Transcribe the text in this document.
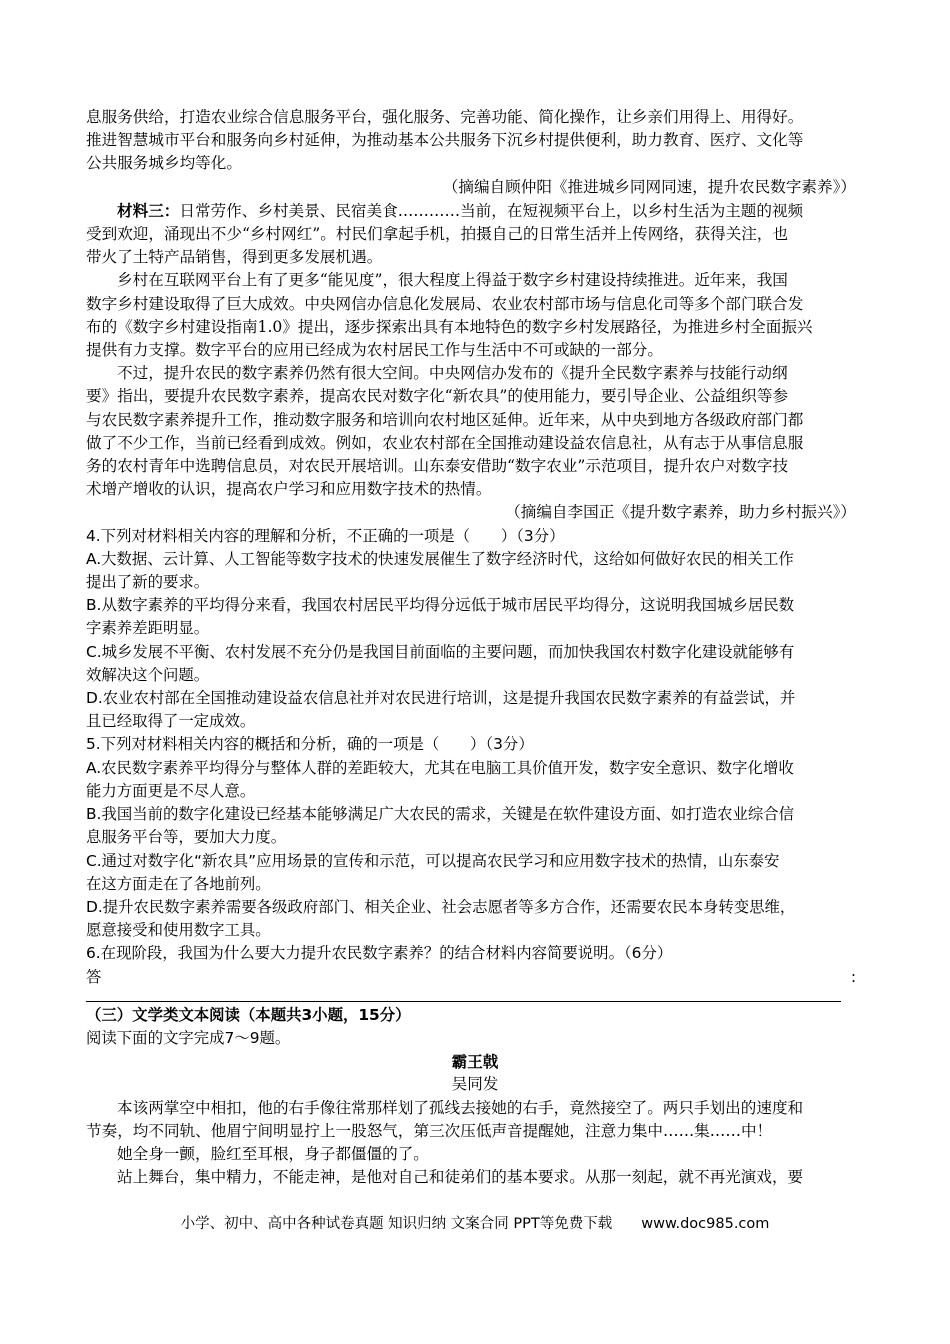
息服务供给，打造农业综合信息服务平台，强化服务、完善功能、简化操作，让乡亲们用得上、用得好。
推进智慧城市平台和服务向乡村延伸，为推动基本公共服务下沉乡村提供便利，助力教育、医疗、文化等
公共服务城乡均等化。
（摘编自顾仲阳《推进城乡同网同速，提升农民数字素养》）
材料三：日常劳作、乡村美景、民宿美食…………当前，在短视频平台上，以乡村生活为主题的视频
受到欢迎，涌现出不少“乡村网红”。村民们拿起手机，拍摄自己的日常生活并上传网络，获得关注，也
带火了土特产品销售，得到更多发展机遇。
乡村在互联网平台上有了更多“能见度”，很大程度上得益于数字乡村建设持续推进。近年来，我国
数字乡村建设取得了巨大成效。中央网信办信息化发展局、农业农村部市场与信息化司等多个部门联合发
布的《数字乡村建设指南1.0》提出，逐步探索出具有本地特色的数字乡村发展路径，为推进乡村全面振兴
提供有力支撑。数字平台的应用已经成为农村居民工作与生活中不可或缺的一部分。
不过，提升农民的数字素养仍然有很大空间。中央网信办发布的《提升全民数字素养与技能行动纲
要》指出，要提升农民数字素养，提高农民对数字化“新农具”的使用能力，要引导企业、公益组织等参
与农民数字素养提升工作，推动数字服务和培训向农村地区延伸。近年来，从中央到地方各级政府部门都
做了不少工作，当前已经看到成效。例如，农业农村部在全国推动建设益农信息社，从有志于从事信息服
务的农村青年中选聘信息员，对农民开展培训。山东泰安借助“数字农业”示范项目，提升农户对数字技
术增产增收的认识，提高农户学习和应用数字技术的热情。
（摘编自李国正《提升数字素养，助力乡村振兴》）
4.下列对材料相关内容的理解和分析，不正确的一项是（　　）（3分）
A.大数据、云计算、人工智能等数字技术的快速发展催生了数字经济时代，这给如何做好农民的相关工作
提出了新的要求。
B.从数字素养的平均得分来看，我国农村居民平均得分远低于城市居民平均得分，这说明我国城乡居民数
字素养差距明显。
C.城乡发展不平衡、农村发展不充分仍是我国目前面临的主要问题，而加快我国农村数字化建设就能够有
效解决这个问题。
D.农业农村部在全国推动建设益农信息社并对农民进行培训，这是提升我国农民数字素养的有益尝试，并
且已经取得了一定成效。
5.下列对材料相关内容的概括和分析，确的一项是（　　）（3分）
A.农民数字素养平均得分与整体人群的差距较大，尤其在电脑工具价值开发，数字安全意识、数字化增收
能力方面更是不尽人意。
B.我国当前的数字化建设已经基本能够满足广大农民的需求，关键是在软件建设方面、如打造农业综合信
息服务平台等，要加大力度。
C.通过对数字化“新农具”应用场景的宣传和示范，可以提高农民学习和应用数字技术的热情，山东泰安
在这方面走在了各地前列。
D.提升农民数字素养需要各级政府部门、相关企业、社会志愿者等多方合作，还需要农民本身转变思维，
愿意接受和使用数字工具。
6.在现阶段，我国为什么要大力提升农民数字素养？的结合材料内容简要说明。（6分）
答	:
（三）文学类文本阅读（本题共3小题，15分）
阅读下面的文字完成7～9题。
霸王戟
吴同发
本该两掌空中相扣，他的右手像往常那样划了孤线去接她的右手，竟然接空了。两只手划出的速度和
节奏，均不同轨、他眉宁间明显拧上一股怒气，第三次压低声音提醒她，注意力集中……集……中！
她全身一颤，脸红至耳根，身子都僵僵的了。
站上舞台，集中精力，不能走神，是他对自己和徒弟们的基本要求。从那一刻起，就不再光演戏，要
小学、初中、高中各种试卷真题 知识归纳 文案合同 PPT等免费下载　　www.doc985.com
